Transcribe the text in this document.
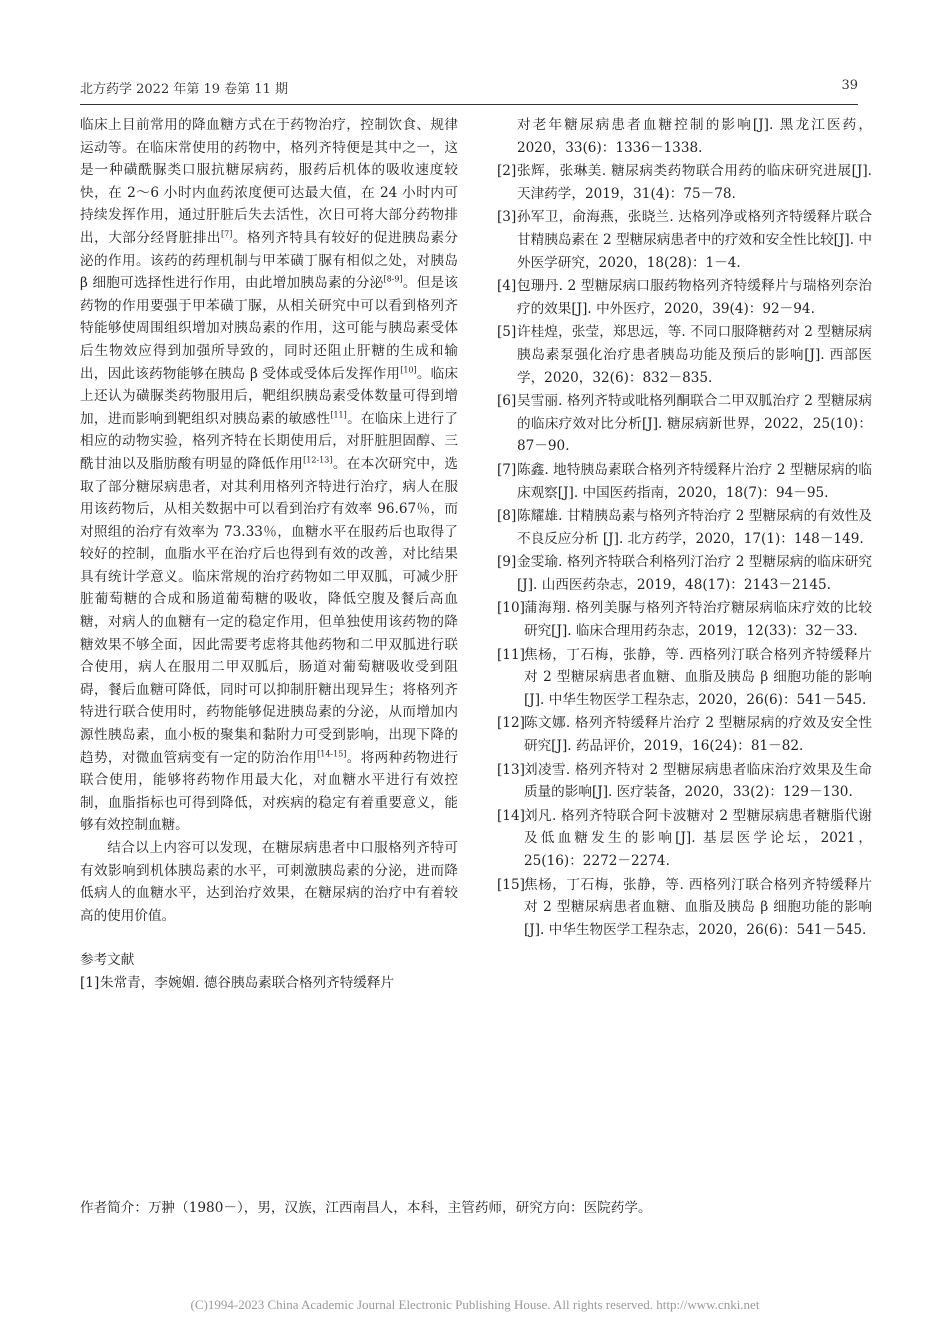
北方药学 2022 年第 19 卷第 11 期	39

临床上目前常用的降血糖方式在于药物治疗，控制饮食、规律运动等。在临床常使用的药物中，格列齐特便是其中之一，这是一种磺酰脲类口服抗糖尿病药，服药后机体的吸收速度较快，在 2～6 小时内血药浓度便可达最大值，在 24 小时内可持续发挥作用，通过肝脏后失去活性，次日可将大部分药物排出，大部分经肾脏排出[7]。格列齐特具有较好的促进胰岛素分泌的作用。该药的药理机制与甲苯磺丁脲有相似之处，对胰岛 β 细胞可选择性进行作用，由此增加胰岛素的分泌[8-9]。但是该药物的作用要强于甲苯磺丁脲，从相关研究中可以看到格列齐特能够使周围组织增加对胰岛素的作用，这可能与胰岛素受体后生物效应得到加强所导致的，同时还阻止肝糖的生成和输出，因此该药物能够在胰岛 β 受体或受体后发挥作用[10]。临床上还认为磺脲类药物服用后，靶组织胰岛素受体数量可得到增加，进而影响到靶组织对胰岛素的敏感性[11]。在临床上进行了相应的动物实验，格列齐特在长期使用后，对肝脏胆固醇、三酰甘油以及脂肪酸有明显的降低作用[12-13]。在本次研究中，选取了部分糖尿病患者，对其利用格列齐特进行治疗，病人在服用该药物后，从相关数据中可以看到治疗有效率 96.67％，而对照组的治疗有效率为 73.33％，血糖水平在服药后也取得了较好的控制，血脂水平在治疗后也得到有效的改善，对比结果具有统计学意义。临床常规的治疗药物如二甲双胍，可减少肝脏葡萄糖的合成和肠道葡萄糖的吸收，降低空腹及餐后高血糖，对病人的血糖有一定的稳定作用，但单独使用该药物的降糖效果不够全面，因此需要考虑将其他药物和二甲双胍进行联合使用，病人在服用二甲双胍后，肠道对葡萄糖吸收受到阻碍，餐后血糖可降低，同时可以抑制肝糖出现异生；将格列齐特进行联合使用时，药物能够促进胰岛素的分泌，从而增加内源性胰岛素，血小板的聚集和黏附力可受到影响，出现下降的趋势，对微血管病变有一定的防治作用[14-15]。将两种药物进行联合使用，能够将药物作用最大化，对血糖水平进行有效控制，血脂指标也可得到降低，对疾病的稳定有着重要意义，能够有效控制血糖。

结合以上内容可以发现，在糖尿病患者中口服格列齐特可有效影响到机体胰岛素的水平，可刺激胰岛素的分泌，进而降低病人的血糖水平，达到治疗效果，在糖尿病的治疗中有着较高的使用价值。

参考文献

[1] 朱常青，李婉媚. 德谷胰岛素联合格列齐特缓释片
对老年糖尿病患者血糖控制的影响[J]. 黑龙江医药，2020，33(6)：1336－1338.
[2] 张辉，张琳美. 糖尿病类药物联合用药的临床研究进展[J]. 天津药学，2019，31(4)：75－78.
[3] 孙军卫，俞海燕，张晓兰. 达格列净或格列齐特缓释片联合甘精胰岛素在 2 型糖尿病患者中的疗效和安全性比较[J]. 中外医学研究，2020，18(28)：1－4.
[4] 包珊丹. 2 型糖尿病口服药物格列齐特缓释片与瑞格列奈治疗的效果[J]. 中外医疗，2020，39(4)：92－94.
[5] 许桂煌，张莹，郑思远，等. 不同口服降糖药对 2 型糖尿病胰岛素泵强化治疗患者胰岛功能及预后的影响[J]. 西部医学，2020，32(6)：832－835.
[6] 吴雪丽. 格列齐特或吡格列酮联合二甲双胍治疗 2 型糖尿病的临床疗效对比分析[J]. 糖尿病新世界，2022，25(10)：87－90.
[7] 陈鑫. 地特胰岛素联合格列齐特缓释片治疗 2 型糖尿病的临床观察[J]. 中国医药指南，2020，18(7)：94－95.
[8] 陈耀雄. 甘精胰岛素与格列齐特治疗 2 型糖尿病的有效性及不良反应分析 [J]. 北方药学，2020，17(1)：148－149.
[9] 金雯瑜. 格列齐特联合利格列汀治疗 2 型糖尿病的临床研究[J]. 山西医药杂志，2019，48(17)：2143－2145.
[10] 蒲海翔. 格列美脲与格列齐特治疗糖尿病临床疗效的比较研究[J]. 临床合理用药杂志，2019，12(33)：32－33.
[11] 焦杨，丁石梅，张静，等. 西格列汀联合格列齐特缓释片对 2 型糖尿病患者血糖、血脂及胰岛 β 细胞功能的影响[J]. 中华生物医学工程杂志，2020，26(6)：541－545.
[12] 陈文娜. 格列齐特缓释片治疗 2 型糖尿病的疗效及安全性研究[J]. 药品评价，2019，16(24)：81－82.
[13] 刘凌雪. 格列齐特对 2 型糖尿病患者临床治疗效果及生命质量的影响[J]. 医疗装备，2020，33(2)：129－130.
[14] 刘凡. 格列齐特联合阿卡波糖对 2 型糖尿病患者糖脂代谢及低血糖发生的影响[J]. 基层医学论坛，2021，25(16)：2272－2274.
[15] 焦杨，丁石梅，张静，等. 西格列汀联合格列齐特缓释片对 2 型糖尿病患者血糖、血脂及胰岛 β 细胞功能的影响[J]. 中华生物医学工程杂志，2020，26(6)：541－545.
作者简介：万翀（1980－），男，汉族，江西南昌人，本科，主管药师，研究方向：医院药学。
(C)1994-2023 China Academic Journal Electronic Publishing House. All rights reserved. http://www.cnki.net
